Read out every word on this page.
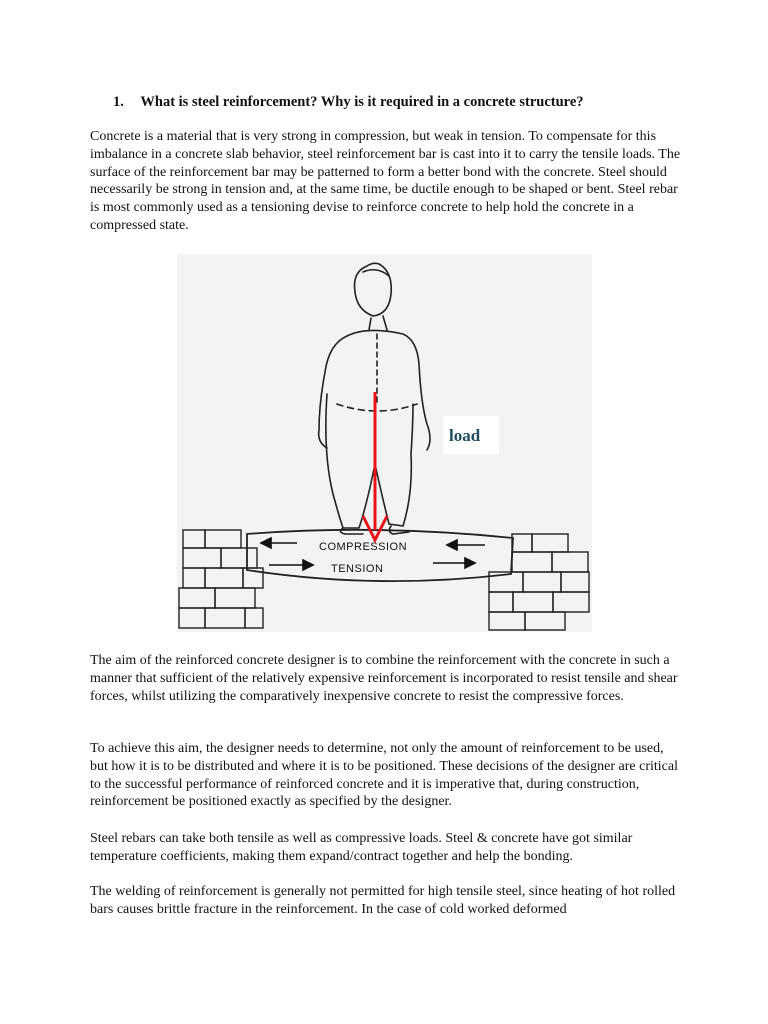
1. What is steel reinforcement? Why is it required in a concrete structure?

Concrete is a material that is very strong in compression, but weak in tension. To compensate for this imbalance in a concrete slab behavior, steel reinforcement bar is cast into it to carry the tensile loads. The surface of the reinforcement bar may be patterned to form a better bond with the concrete. Steel should necessarily be strong in tension and, at the same time, be ductile enough to be shaped or bent. Steel rebar is most commonly used as a tensioning devise to reinforce concrete to help hold the concrete in a compressed state.

COMPRESSION
TENSION
load

The aim of the reinforced concrete designer is to combine the reinforcement with the concrete in such a manner that sufficient of the relatively expensive reinforcement is incorporated to resist tensile and shear forces, whilst utilizing the comparatively inexpensive concrete to resist the compressive forces.

To achieve this aim, the designer needs to determine, not only the amount of reinforcement to be used, but how it is to be distributed and where it is to be positioned. These decisions of the designer are critical to the successful performance of reinforced concrete and it is imperative that, during construction, reinforcement be positioned exactly as specified by the designer.

Steel rebars can take both tensile as well as compressive loads. Steel & concrete have got similar temperature coefficients, making them expand/contract together and help the bonding.

The welding of reinforcement is generally not permitted for high tensile steel, since heating of hot rolled bars causes brittle fracture in the reinforcement. In the case of cold worked deformed
